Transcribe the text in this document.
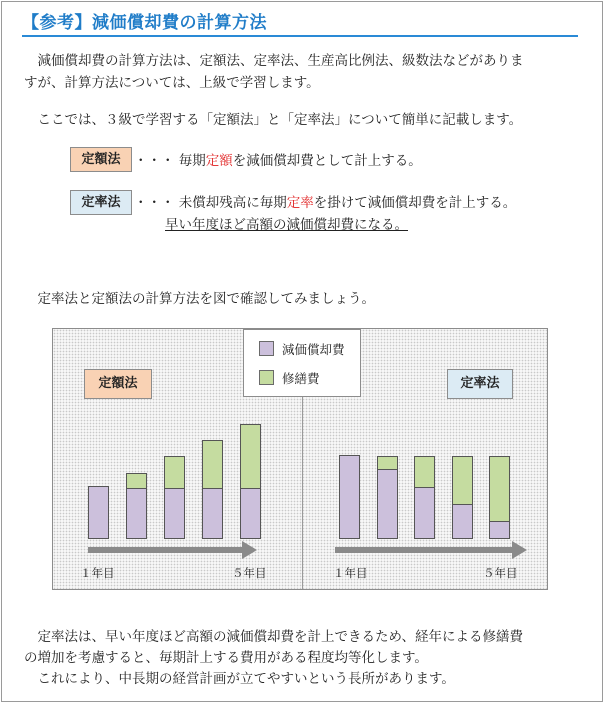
【参考】減価償却費の計算方法
　減価償却費の計算方法は、定額法、定率法、生産高比例法、級数法などがありま
すが、計算方法については、上級で学習します。
　ここでは、３級で学習する「定額法」と「定率法」について簡単に記載します。
定額法	・・・ 毎期定額を減価償却費として計上する。
定率法	・・・ 未償却残高に毎期定率を掛けて減価償却費を計上する。
早い年度ほど高額の減価償却費になる。
　定率法と定額法の計算方法を図で確認してみましょう。
減価償却費
修繕費
定額法	定率法
１年目	５年目	１年目	５年目
　定率法は、早い年度ほど高額の減価償却費を計上できるため、経年による修繕費
の増加を考慮すると、毎期計上する費用がある程度均等化します。
　これにより、中長期の経営計画が立てやすいという長所があります。
